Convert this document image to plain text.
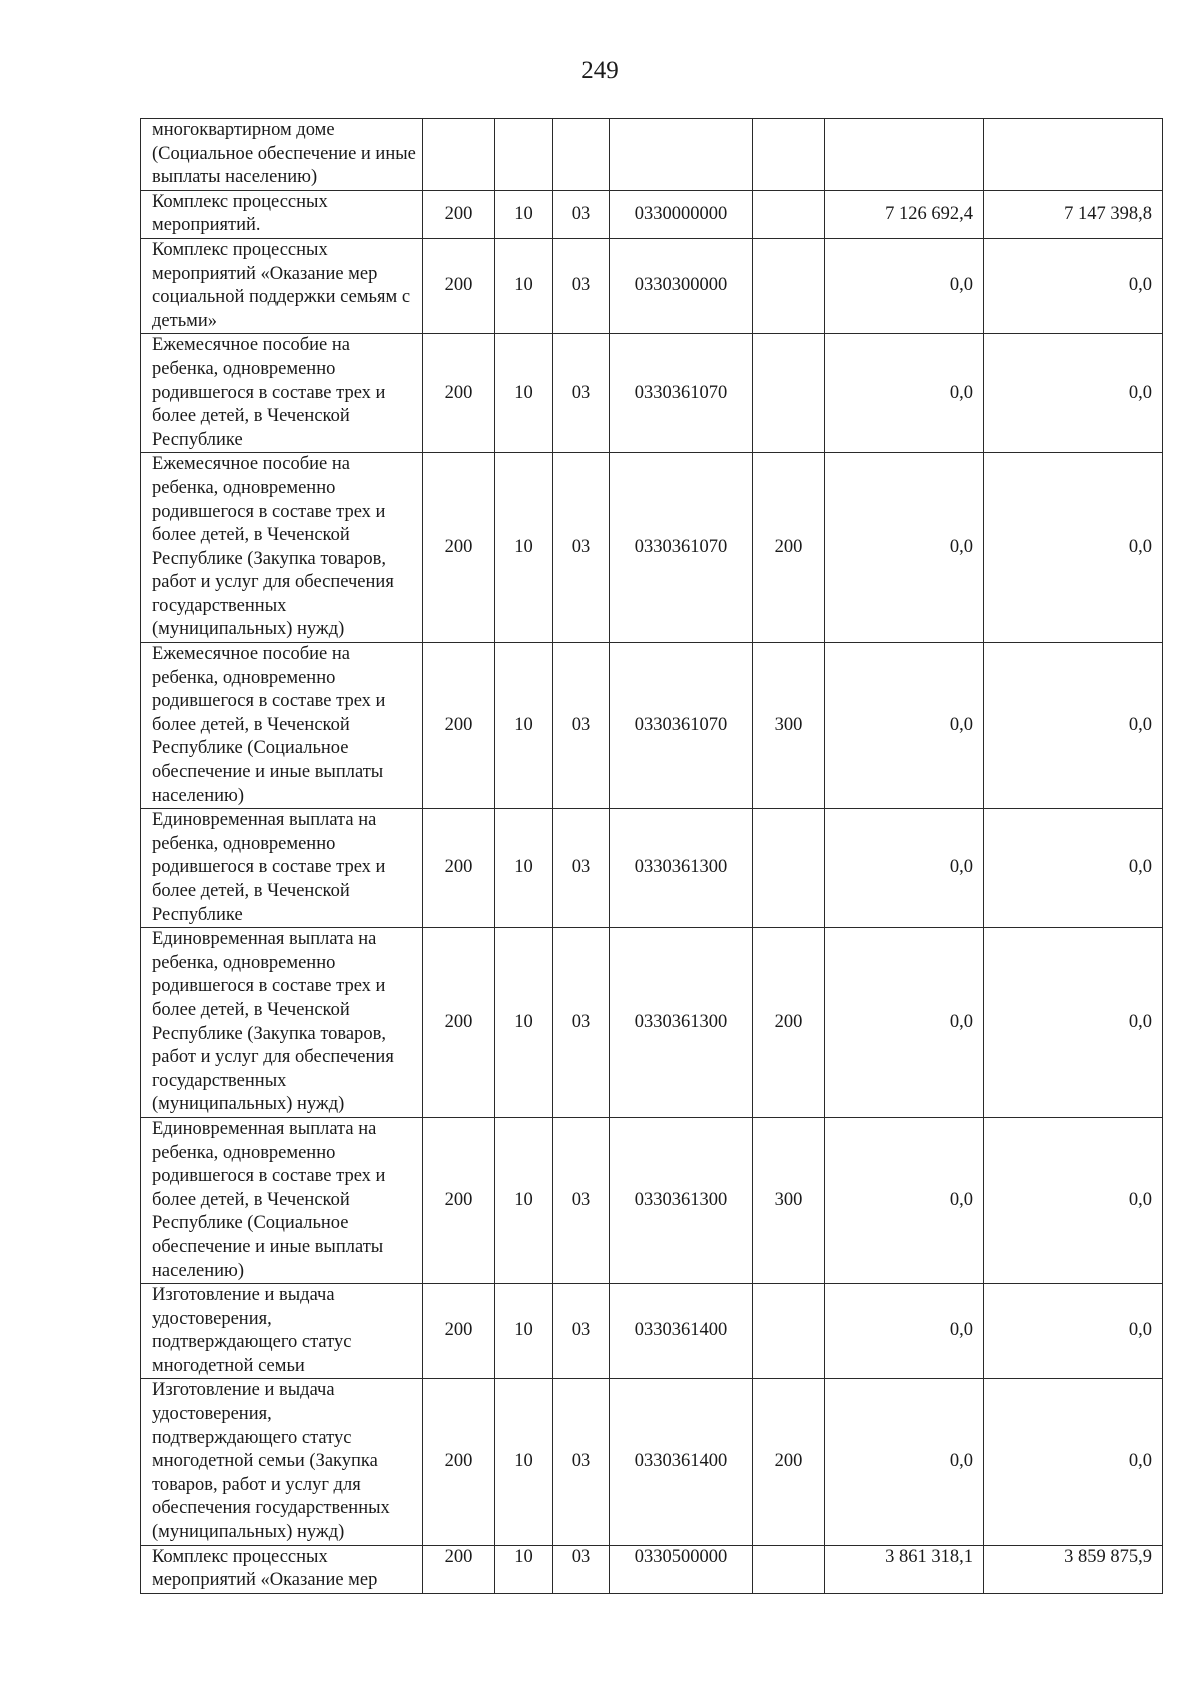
249
многоквартирном доме (Социальное обеспечение и иные выплаты населению)							
Комплекс процессных мероприятий.	200	10	03	0330000000		7 126 692,4	7 147 398,8
Комплекс процессных мероприятий «Оказание мер социальной поддержки семьям с детьми»	200	10	03	0330300000		0,0	0,0
Ежемесячное пособие на ребенка, одновременно родившегося в составе трех и более детей, в Чеченской Республике	200	10	03	0330361070		0,0	0,0
Ежемесячное пособие на ребенка, одновременно родившегося в составе трех и более детей, в Чеченской Республике (Закупка товаров, работ и услуг для обеспечения государственных (муниципальных) нужд)	200	10	03	0330361070	200	0,0	0,0
Ежемесячное пособие на ребенка, одновременно родившегося в составе трех и более детей, в Чеченской Республике (Социальное обеспечение и иные выплаты населению)	200	10	03	0330361070	300	0,0	0,0
Единовременная выплата на ребенка, одновременно родившегося в составе трех и более детей, в Чеченской Республике	200	10	03	0330361300		0,0	0,0
Единовременная выплата на ребенка, одновременно родившегося в составе трех и более детей, в Чеченской Республике (Закупка товаров, работ и услуг для обеспечения государственных (муниципальных) нужд)	200	10	03	0330361300	200	0,0	0,0
Единовременная выплата на ребенка, одновременно родившегося в составе трех и более детей, в Чеченской Республике (Социальное обеспечение и иные выплаты населению)	200	10	03	0330361300	300	0,0	0,0
Изготовление и выдача удостоверения, подтверждающего статус многодетной семьи	200	10	03	0330361400		0,0	0,0
Изготовление и выдача удостоверения, подтверждающего статус многодетной семьи (Закупка товаров, работ и услуг для обеспечения государственных (муниципальных) нужд)	200	10	03	0330361400	200	0,0	0,0
Комплекс процессных мероприятий «Оказание мер	200	10	03	0330500000		3 861 318,1	3 859 875,9
